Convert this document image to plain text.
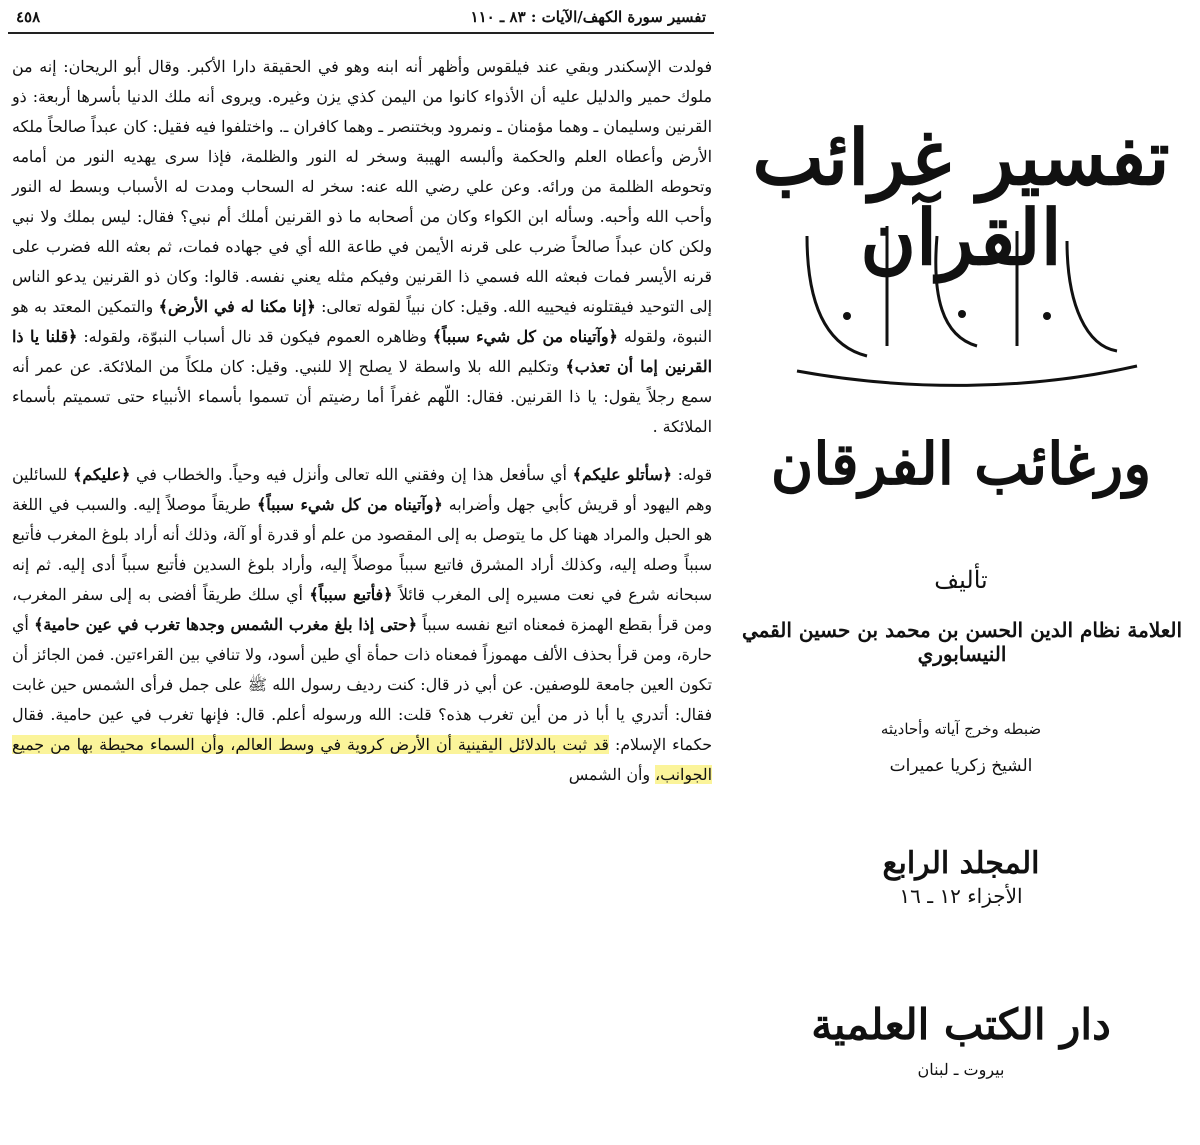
تفسير سورة الكهف/الآيات : ٨٣ ـ ١١٠
٤٥٨

فولدت الإسكندر وبقي عند فيلقوس وأظهر أنه ابنه وهو في الحقيقة دارا الأكبر. وقال أبو الريحان: إنه من ملوك حمير والدليل عليه أن الأذواء كانوا من اليمن كذي يزن وغيره. ويروى أنه ملك الدنيا بأسرها أربعة: ذو القرنين وسليمان ـ وهما مؤمنان ـ ونمرود وبختنصر ـ وهما كافران ـ. واختلفوا فيه فقيل: كان عبداً صالحاً ملكه الأرض وأعطاه العلم والحكمة وألبسه الهيبة وسخر له النور والظلمة، فإذا سرى يهديه النور من أمامه وتحوطه الظلمة من ورائه. وعن علي رضي الله عنه: سخر له السحاب ومدت له الأسباب وبسط له النور وأحب الله وأحبه. وسأله ابن الكواء وكان من أصحابه ما ذو القرنين أملك أم نبي؟ فقال: ليس بملك ولا نبي ولكن كان عبداً صالحاً ضرب على قرنه الأيمن في طاعة الله أي في جهاده فمات، ثم بعثه الله فضرب على قرنه الأيسر فمات فبعثه الله فسمي ذا القرنين وفيكم مثله يعني نفسه. قالوا: وكان ذو القرنين يدعو الناس إلى التوحيد فيقتلونه فيحييه الله. وقيل: كان نبياً لقوله تعالى: ﴿إنا مكنا له في الأرض﴾ والتمكين المعتد به هو النبوة، ولقوله ﴿وآتيناه من كل شيء سبباً﴾ وظاهره العموم فيكون قد نال أسباب النبوّة، ولقوله: ﴿قلنا يا ذا القرنين إما أن تعذب﴾ وتكليم الله بلا واسطة لا يصلح إلا للنبي. وقيل: كان ملكاً من الملائكة. عن عمر أنه سمع رجلاً يقول: يا ذا القرنين. فقال: اللّهم غفراً أما رضيتم أن تسموا بأسماء الأنبياء حتى تسميتم بأسماء الملائكة .

قوله: ﴿سأتلو عليكم﴾ أي سأفعل هذا إن وفقني الله تعالى وأنزل فيه وحياً. والخطاب في ﴿عليكم﴾ للسائلين وهم اليهود أو قريش كأبي جهل وأضرابه ﴿وآتيناه من كل شيء سبباً﴾ طريقاً موصلاً إليه. والسبب في اللغة هو الحبل والمراد ههنا كل ما يتوصل به إلى المقصود من علم أو قدرة أو آلة، وذلك أنه أراد بلوغ المغرب فأتبع سبباً وصله إليه، وكذلك أراد المشرق فاتبع سبباً موصلاً إليه، وأراد بلوغ السدين فأتبع سبباً أدى إليه. ثم إنه سبحانه شرع في نعت مسيره إلى المغرب قائلاً ﴿فأتبع سبباً﴾ أي سلك طريقاً أفضى به إلى سفر المغرب، ومن قرأ بقطع الهمزة فمعناه اتبع نفسه سبباً ﴿حتى إذا بلغ مغرب الشمس وجدها تغرب في عين حامية﴾ أي حارة، ومن قرأ بحذف الألف مهموزاً فمعناه ذات حمأة أي طين أسود، ولا تنافي بين القراءتين. فمن الجائز أن تكون العين جامعة للوصفين. عن أبي ذر قال: كنت رديف رسول الله ﷺ على جمل فرأى الشمس حين غابت فقال: أتدري يا أبا ذر من أين تغرب هذه؟ قلت: الله ورسوله أعلم. قال: فإنها تغرب في عين حامية. فقال حكماء الإسلام: قد ثبت بالدلائل اليقينية أن الأرض كروية في وسط العالم، وأن السماء محيطة بها من جميع الجوانب، وأن الشمس

تفسير غرائب القرآن
ورغائب الفرقان
تأليف
العلامة نظام الدين الحسن بن محمد بن حسين القمي النيسابوري
ضبطه وخرج آياته وأحاديثه
الشيخ زكريا عميرات
المجلد الرابع
الأجزاء ١٢ ـ ١٦
دار الكتب العلمية
بيروت ـ لبنان
